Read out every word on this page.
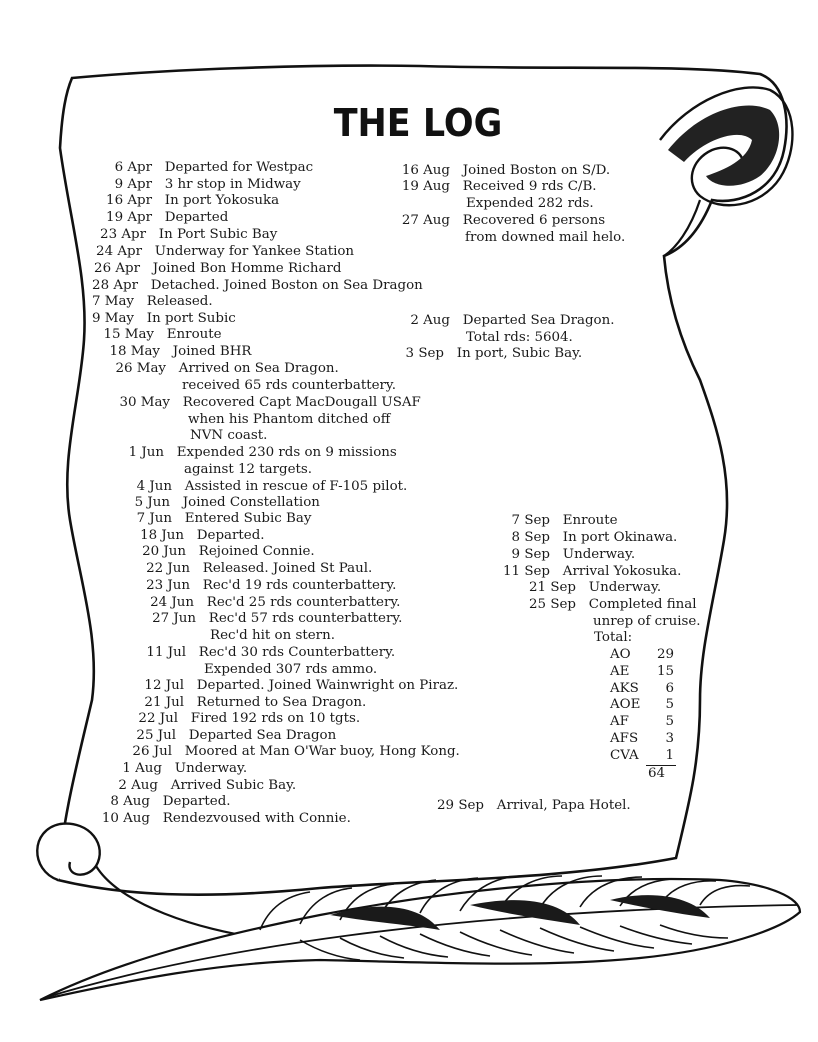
THE LOG
6 Apr Departed for Westpac
9 Apr 3 hr stop in Midway
16 Apr In port Yokosuka
19 Apr Departed
23 Apr In Port Subic Bay
24 Apr Underway for Yankee Station
26 Apr Joined Bon Homme Richard
28 Apr Detached. Joined Boston on Sea Dragon
7 May Released.
9 May In port Subic
15 May Enroute
18 May Joined BHR
26 May Arrived on Sea Dragon.
received 65 rds counterbattery.
30 May Recovered Capt MacDougall USAF
when his Phantom ditched off
NVN coast.
1 Jun Expended 230 rds on 9 missions
against 12 targets.
4 Jun Assisted in rescue of F-105 pilot.
5 Jun Joined Constellation
7 Jun Entered Subic Bay
18 Jun Departed.
20 Jun Rejoined Connie.
22 Jun Released. Joined St Paul.
23 Jun Rec'd 19 rds counterbattery.
24 Jun Rec'd 25 rds counterbattery.
27 Jun Rec'd 57 rds counterbattery.
Rec'd hit on stern.
11 Jul Rec'd 30 rds Counterbattery.
Expended 307 rds ammo.
12 Jul Departed. Joined Wainwright on Piraz.
21 Jul Returned to Sea Dragon.
22 Jul Fired 192 rds on 10 tgts.
25 Jul Departed Sea Dragon
26 Jul Moored at Man O'War buoy, Hong Kong.
1 Aug Underway.
2 Aug Arrived Subic Bay.
8 Aug Departed.
10 Aug Rendezvoused with Connie.
16 Aug Joined Boston on S/D.
19 Aug Received 9 rds C/B.
Expended 282 rds.
27 Aug Recovered 6 persons
from downed mail helo.
2 Aug Departed Sea Dragon.
Total rds: 5604.
3 Sep In port, Subic Bay.
7 Sep Enroute
8 Sep In port Okinawa.
9 Sep Underway.
11 Sep Arrival Yokosuka.
21 Sep Underway.
25 Sep Completed final
unrep of cruise.
Total:
AO 29
AE 15
AKS 6
AOE 5
AF	5
AFS 3
CVA 1
64
29 Sep Arrival, Papa Hotel.
